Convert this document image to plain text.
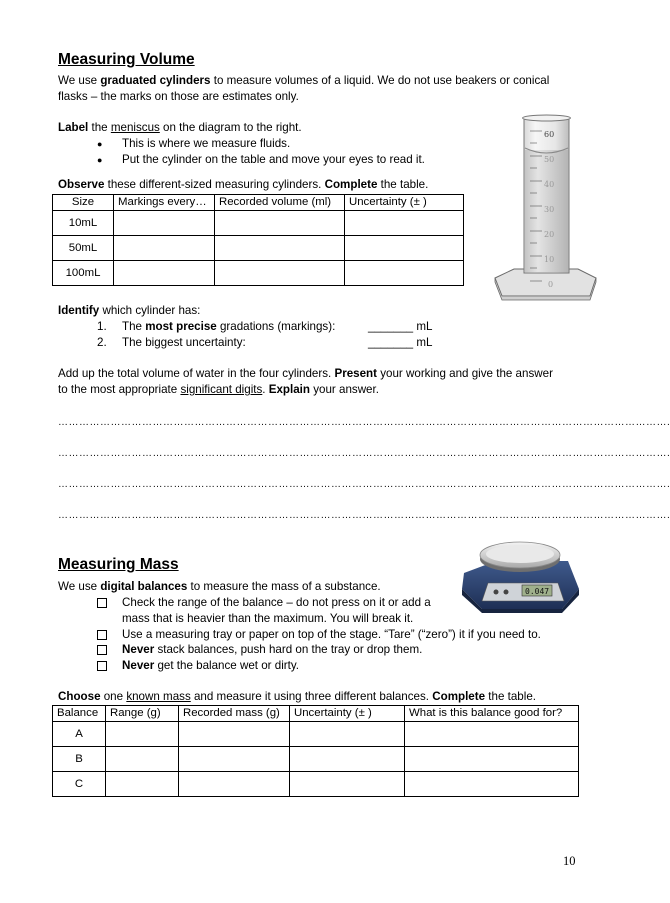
Measuring Volume

We use graduated cylinders to measure volumes of a liquid. We do not use beakers or conical
flasks – the marks on those are estimates only.

Label the meniscus on the diagram to the right.

● This is where we measure fluids.
● Put the cylinder on the table and move your eyes to read it.

Observe these different-sized measuring cylinders. Complete the table.

Size	Markings every…	Recorded volume (ml)	Uncertainty (± )
10mL			
50mL			
100mL			
60
50
40
30
20
10
0

Identify which cylinder has:

1. The most precise gradations (markings):	_______ mL
2. The biggest uncertainty:	_______ mL

Add up the total volume of water in the four cylinders. Present your working and give the answer
to the most appropriate significant digits. Explain your answer.

………………………………………………………………………………………………………………………………………………………….
………………………………………………………………………………………………………………………………………………………….
………………………………………………………………………………………………………………………………………………………….
………………………………………………………………………………………………………………………………………………………….
Measuring Mass
0.047

We use digital balances to measure the mass of a substance.

Check the range of the balance – do not press on it or add a
mass that is heavier than the maximum. You will break it.
Use a measuring tray or paper on top of the stage. “Tare” (“zero”) it if you need to.
Never stack balances, push hard on the tray or drop them.
Never get the balance wet or dirty.

Choose one known mass and measure it using three different balances. Complete the table.

Balance	Range (g)	Recorded mass (g)	Uncertainty (± )	What is this balance good for?
A				
B				
C				
10
